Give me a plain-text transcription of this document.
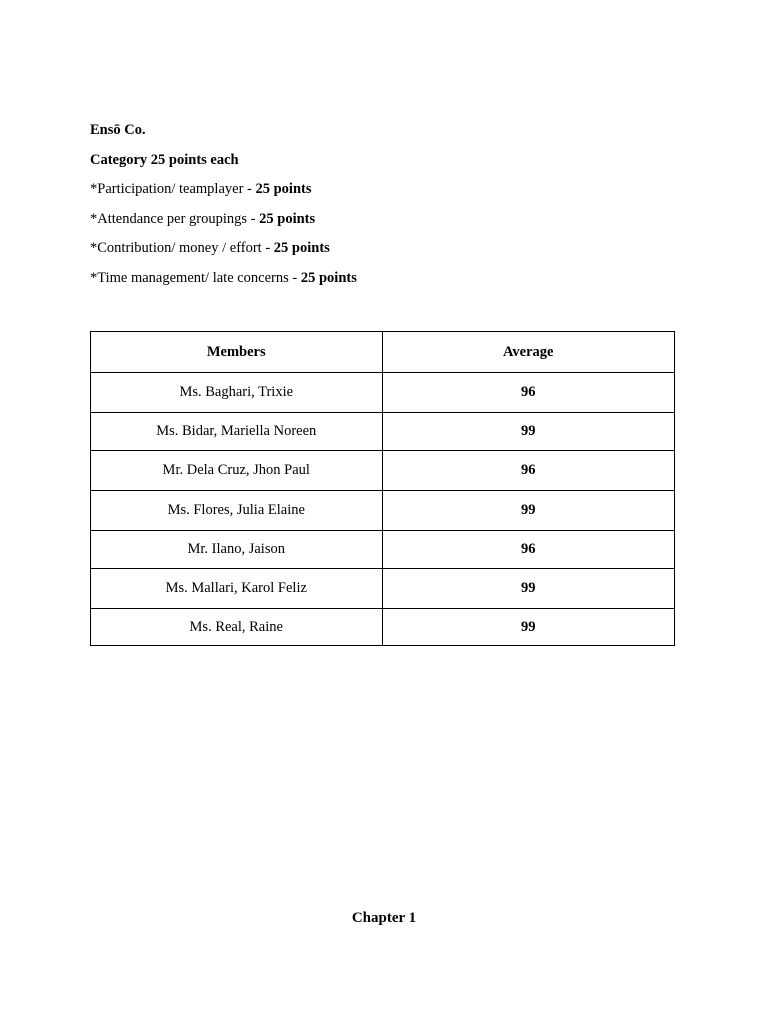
Ensō Co.
Category 25 points each
*Participation/ teamplayer - 25 points
*Attendance per groupings - 25 points
*Contribution/ money / effort - 25 points
*Time management/ late concerns - 25 points
Members	Average
Ms. Baghari, Trixie	96
Ms. Bidar, Mariella Noreen	99
Mr. Dela Cruz, Jhon Paul	96
Ms. Flores, Julia Elaine	99
Mr. Ilano, Jaison	96
Ms. Mallari, Karol Feliz	99
Ms. Real, Raine	99
Chapter 1
